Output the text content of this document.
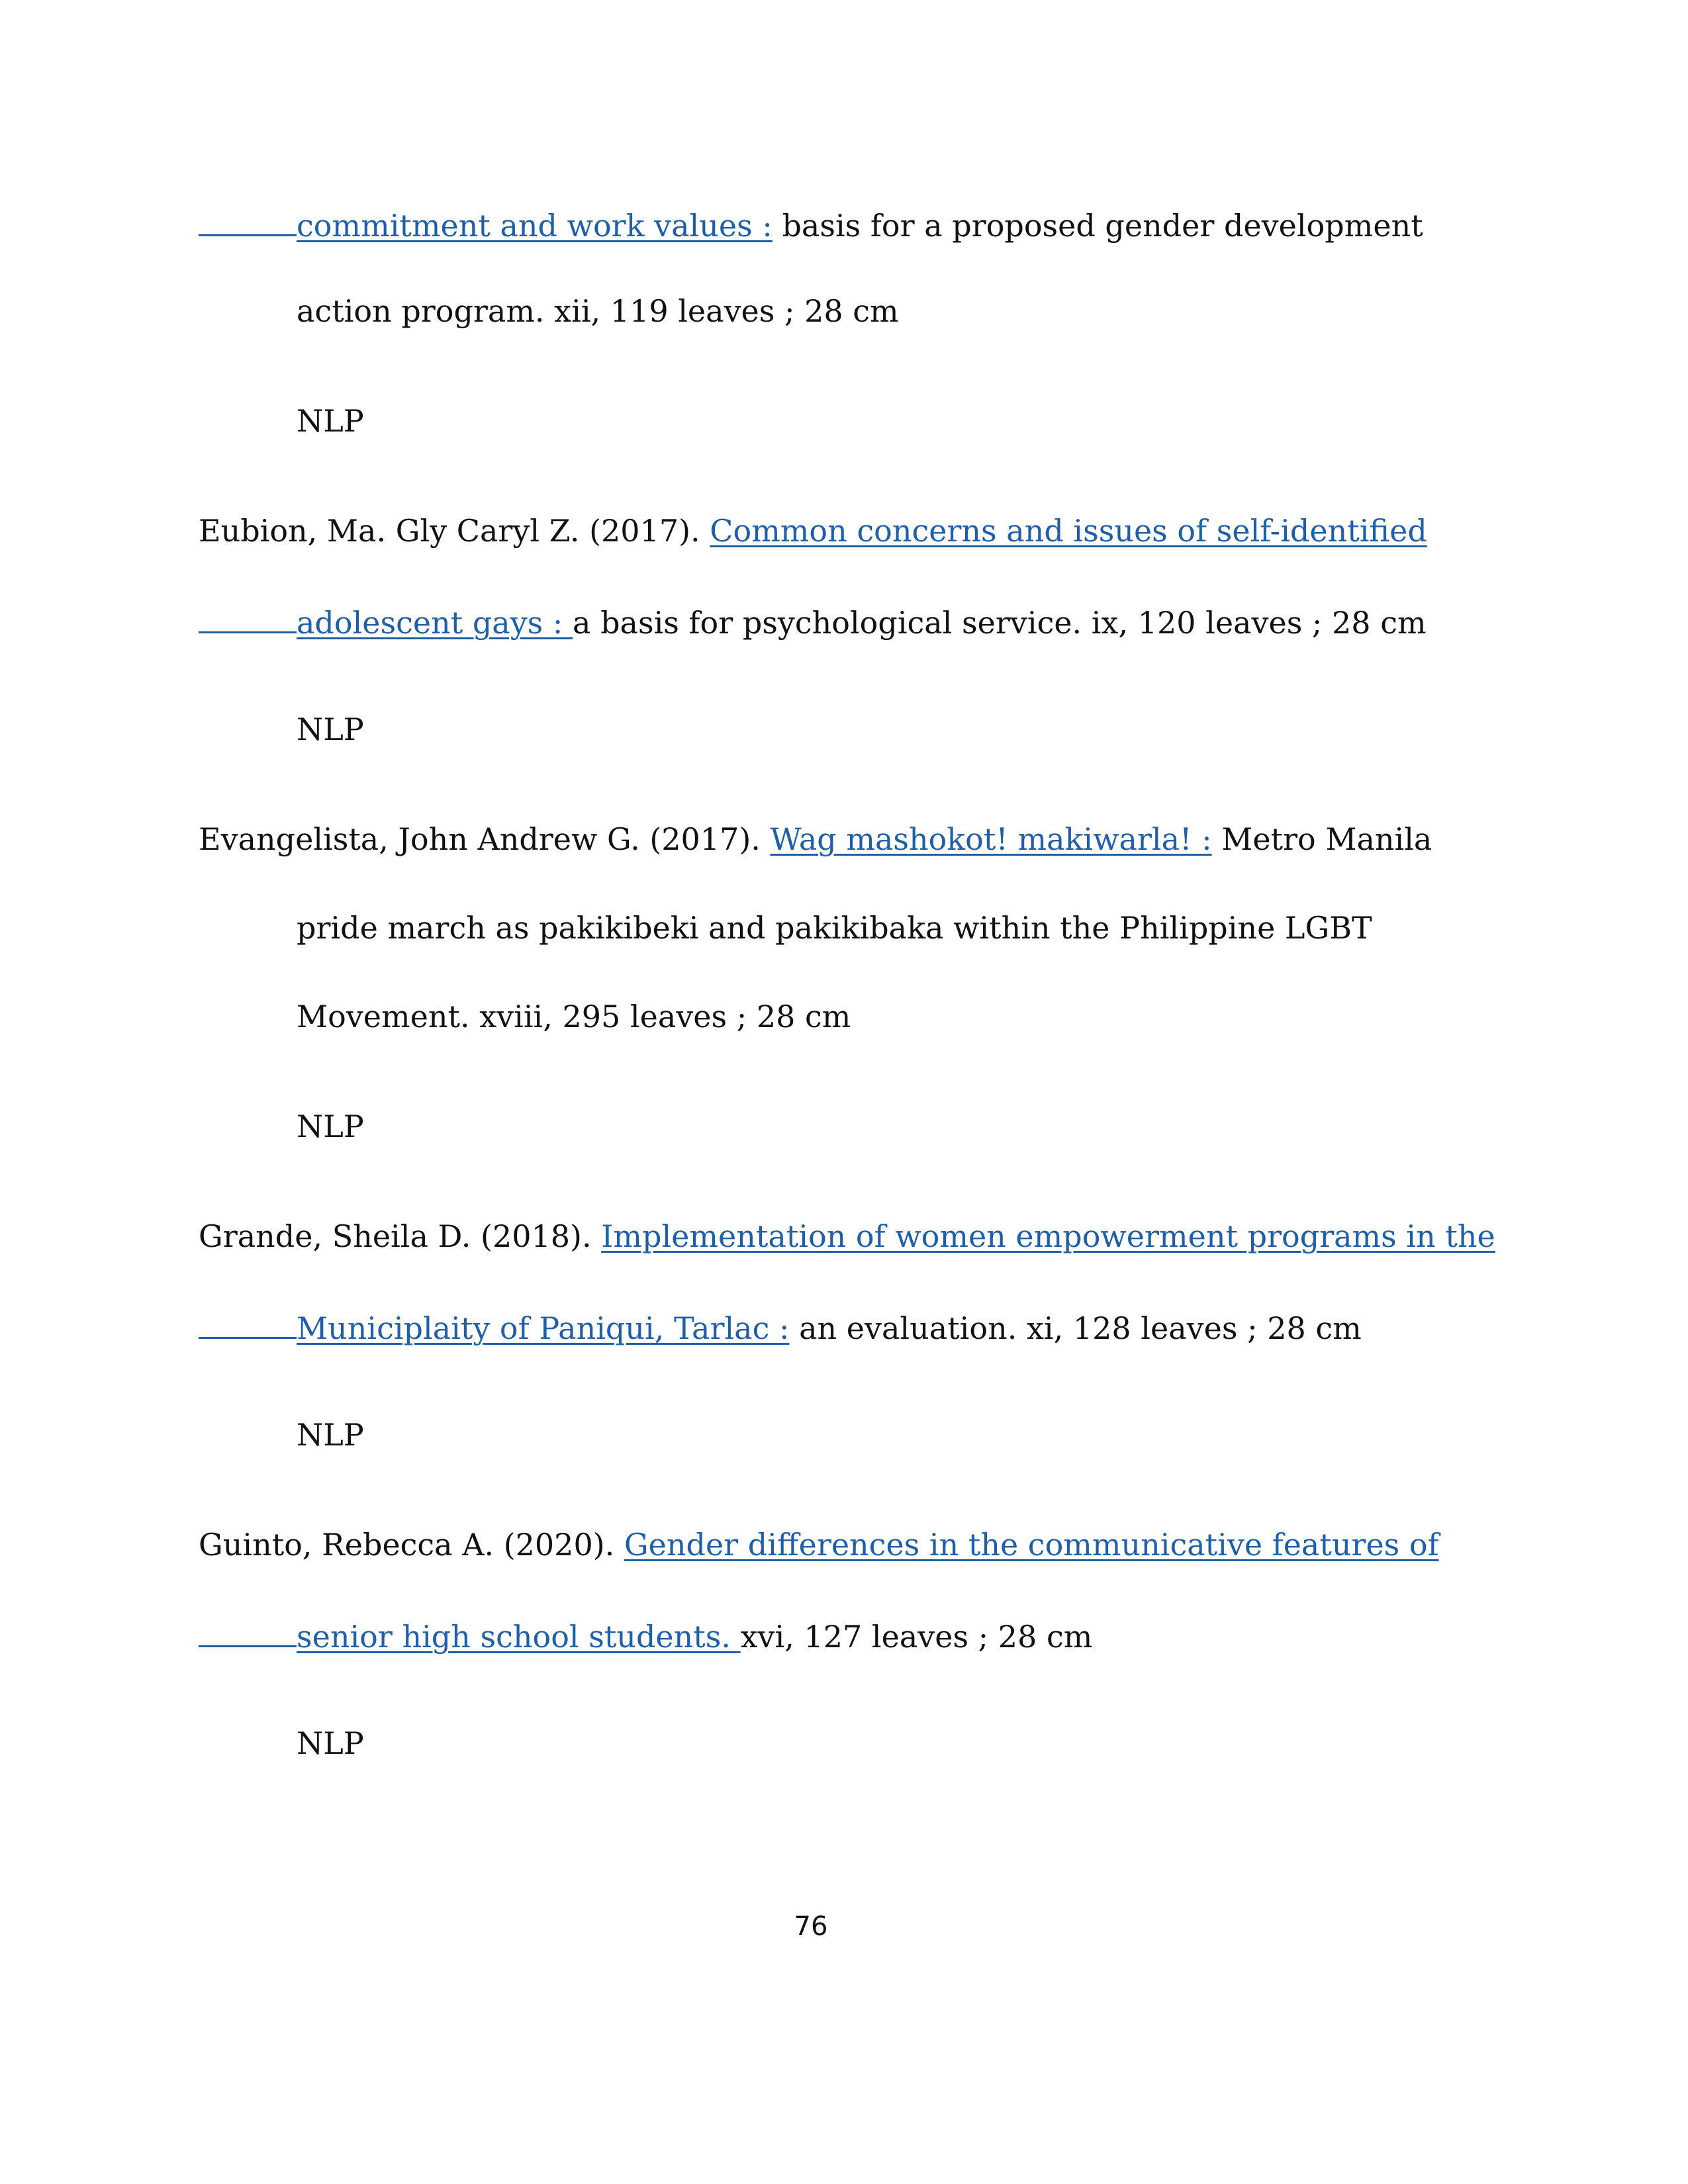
commitment and work values : basis for a proposed gender development
action program. xii, 119 leaves ; 28 cm
NLP
Eubion, Ma. Gly Caryl Z. (2017). Common concerns and issues of self-identified
adolescent gays : a basis for psychological service. ix, 120 leaves ; 28 cm
NLP
Evangelista, John Andrew G. (2017). Wag mashokot! makiwarla! : Metro Manila
pride march as pakikibeki and pakikibaka within the Philippine LGBT
Movement. xviii, 295 leaves ; 28 cm
NLP
Grande, Sheila D. (2018). Implementation of women empowerment programs in the
Municiplaity of Paniqui, Tarlac : an evaluation. xi, 128 leaves ; 28 cm
NLP
Guinto, Rebecca A. (2020). Gender differences in the communicative features of
senior high school students. xvi, 127 leaves ; 28 cm
NLP
76
